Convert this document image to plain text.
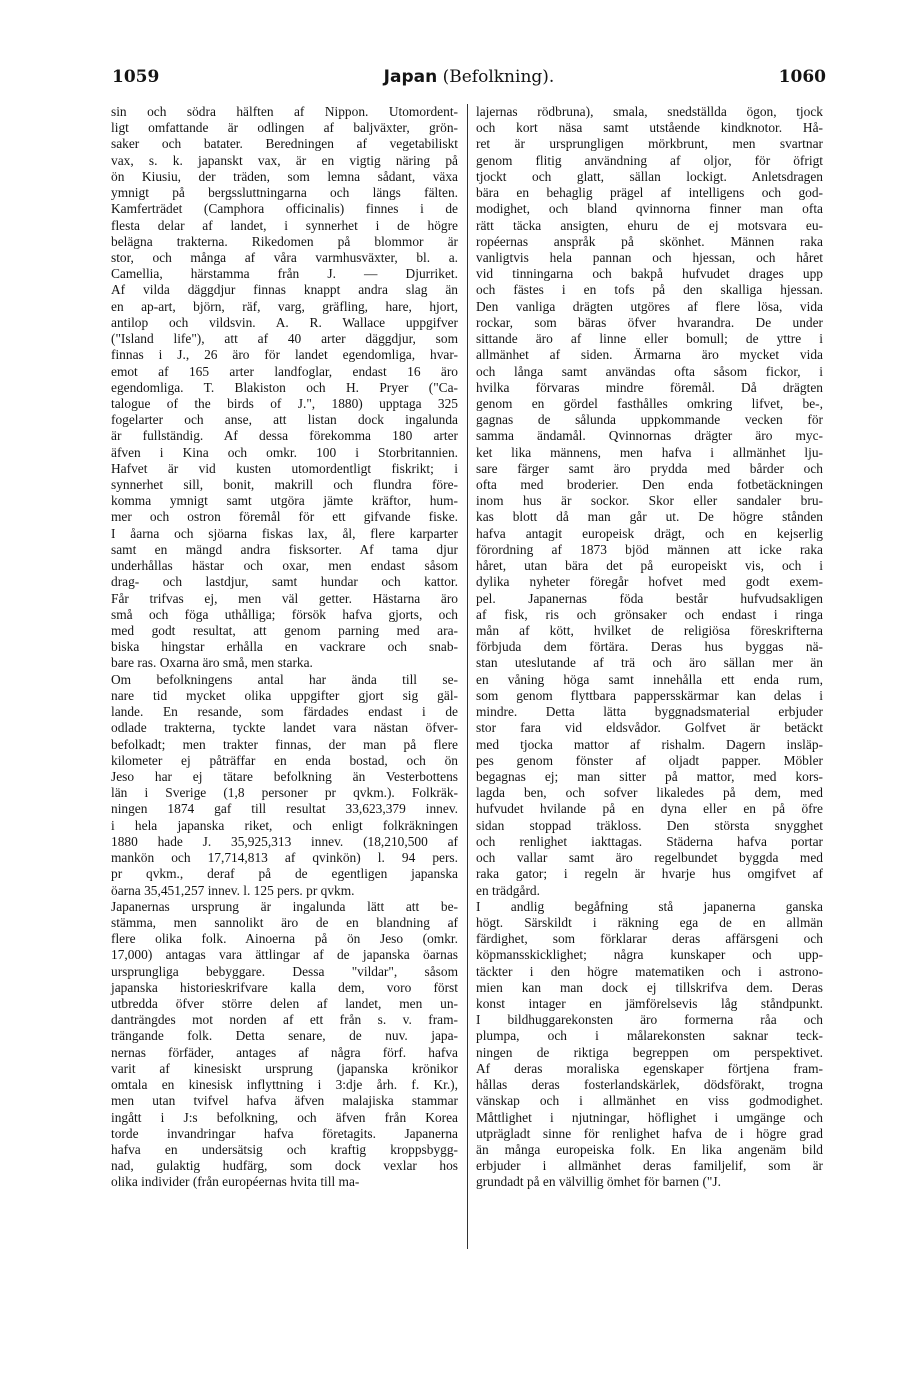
1059	Japan (Befolkning).	1060
sin och södra hälften af Nippon. Utomordent-
ligt omfattande är odlingen af baljväxter, grön-
saker och batater. Beredningen af vegetabiliskt
vax, s. k. japanskt vax, är en vigtig näring på
ön Kiusiu, der träden, som lemna sådant, växa
ymnigt på bergssluttningarna och längs fälten.
Kamferträdet (Camphora officinalis) finnes i de
flesta delar af landet, i synnerhet i de högre
belägna trakterna. Rikedomen på blommor är
stor, och många af våra varmhusväxter, bl. a.
Camellia, härstamma från J. — Djurriket.
Af vilda däggdjur finnas knappt andra slag än
en ap-art, björn, räf, varg, gräfling, hare, hjort,
antilop och vildsvin. A. R. Wallace uppgifver
("Island life"), att af 40 arter däggdjur, som
finnas i J., 26 äro för landet egendomliga, hvar-
emot af 165 arter landfoglar, endast 16 äro
egendomliga. T. Blakiston och H. Pryer ("Ca-
talogue of the birds of J.", 1880) upptaga 325
fogelarter och anse, att listan dock ingalunda
är fullständig. Af dessa förekomma 180 arter
äfven i Kina och omkr. 100 i Storbritannien.
Hafvet är vid kusten utomordentligt fiskrikt; i
synnerhet sill, bonit, makrill och flundra före-
komma ymnigt samt utgöra jämte kräftor, hum-
mer och ostron föremål för ett gifvande fiske.
I åarna och sjöarna fiskas lax, ål, flere karparter
samt en mängd andra fisksorter. Af tama djur
underhållas hästar och oxar, men endast såsom
drag- och lastdjur, samt hundar och kattor.
Får trifvas ej, men väl getter. Hästarna äro
små och föga uthålliga; försök hafva gjorts, och
med godt resultat, att genom parning med ara-
biska hingstar erhålla en vackrare och snab-
bare ras. Oxarna äro små, men starka.
Om befolkningens antal har ända till se-
nare tid mycket olika uppgifter gjort sig gäl-
lande. En resande, som färdades endast i de
odlade trakterna, tyckte landet vara nästan öfver-
befolkadt; men trakter finnas, der man på flere
kilometer ej påträffar en enda bostad, och ön
Jeso har ej tätare befolkning än Vesterbottens
län i Sverige (1,8 personer pr qvkm.). Folkräk-
ningen 1874 gaf till resultat 33,623,379 innev.
i hela japanska riket, och enligt folkräkningen
1880 hade J. 35,925,313 innev. (18,210,500 af
mankön och 17,714,813 af qvinkön) l. 94 pers.
pr qvkm., deraf på de egentligen japanska
öarna 35,451,257 innev. l. 125 pers. pr qvkm.
Japanernas ursprung är ingalunda lätt att be-
stämma, men sannolikt äro de en blandning af
flere olika folk. Ainoerna på ön Jeso (omkr.
17,000) antagas vara ättlingar af de japanska öarnas
ursprungliga bebyggare. Dessa "vildar", såsom
japanska historieskrifvare kalla dem, voro först
utbredda öfver större delen af landet, men un-
danträngdes mot norden af ett från s. v. fram-
trängande folk. Detta senare, de nuv. japa-
nernas förfäder, antages af några förf. hafva
varit af kinesiskt ursprung (japanska krönikor
omtala en kinesisk inflyttning i 3:dje årh. f. Kr.),
men utan tvifvel hafva äfven malajiska stammar
ingått i J:s befolkning, och äfven från Korea
torde invandringar hafva företagits. Japanerna
hafva en undersätsig och kraftig kroppsbygg-
nad, gulaktig hudfärg, som dock vexlar hos
olika individer (från européernas hvita till ma-
lajernas rödbruna), smala, snedställda ögon, tjock
och kort näsa samt utstående kindknotor. Hå-
ret är ursprungligen mörkbrunt, men svartnar
genom flitig användning af oljor, för öfrigt
tjockt och glatt, sällan lockigt. Anletsdragen
bära en behaglig prägel af intelligens och god-
modighet, och bland qvinnorna finner man ofta
rätt täcka ansigten, ehuru de ej motsvara eu-
ropéernas anspråk på skönhet. Männen raka
vanligtvis hela pannan och hjessan, och håret
vid tinningarna och bakpå hufvudet drages upp
och fästes i en tofs på den skalliga hjessan.
Den vanliga drägten utgöres af flere lösa, vida
rockar, som bäras öfver hvarandra. De under
sittande äro af linne eller bomull; de yttre i
allmänhet af siden. Ärmarna äro mycket vida
och långa samt användas ofta såsom fickor, i
hvilka förvaras mindre föremål. Då drägten
genom en gördel fasthålles omkring lifvet, be-,
gagnas de sålunda uppkommande vecken för
samma ändamål. Qvinnornas drägter äro myc-
ket lika männens, men hafva i allmänhet lju-
sare färger samt äro prydda med bårder och
ofta med broderier. Den enda fotbetäckningen
inom hus är sockor. Skor eller sandaler bru-
kas blott då man går ut. De högre stånden
hafva antagit europeisk drägt, och en kejserlig
förordning af 1873 bjöd männen att icke raka
håret, utan bära det på europeiskt vis, och i
dylika nyheter föregår hofvet med godt exem-
pel. Japanernas föda består hufvudsakligen
af fisk, ris och grönsaker och endast i ringa
mån af kött, hvilket de religiösa föreskrifterna
förbjuda dem förtära. Deras hus byggas nä-
stan uteslutande af trä och äro sällan mer än
en våning höga samt innehålla ett enda rum,
som genom flyttbara pappersskärmar kan delas i
mindre. Detta lätta byggnadsmaterial erbjuder
stor fara vid eldsvådor. Golfvet är betäckt
med tjocka mattor af rishalm. Dagern insläp-
pes genom fönster af oljadt papper. Möbler
begagnas ej; man sitter på mattor, med kors-
lagda ben, och sofver likaledes på dem, med
hufvudet hvilande på en dyna eller en på öfre
sidan stoppad träkloss. Den största snygghet
och renlighet iakttagas. Städerna hafva portar
och vallar samt äro regelbundet byggda med
raka gator; i regeln är hvarje hus omgifvet af
en trädgård.
I andlig begåfning stå japanerna ganska
högt. Särskildt i räkning ega de en allmän
färdighet, som förklarar deras affärsgeni och
köpmansskicklighet; några kunskaper och upp-
täckter i den högre matematiken och i astrono-
mien kan man dock ej tillskrifva dem. Deras
konst intager en jämförelsevis låg ståndpunkt.
I bildhuggarekonsten äro formerna råa och
plumpa, och i målarekonsten saknar teck-
ningen de riktiga begreppen om perspektivet.
Af deras moraliska egenskaper förtjena fram-
hållas deras fosterlandskärlek, dödsförakt, trogna
vänskap och i allmänhet en viss godmodighet.
Måttlighet i njutningar, höflighet i umgänge och
utprägladt sinne för renlighet hafva de i högre grad
än många europeiska folk. En lika angenäm bild
erbjuder i allmänhet deras familjelif, som är
grundadt på en välvillig ömhet för barnen ("J.
